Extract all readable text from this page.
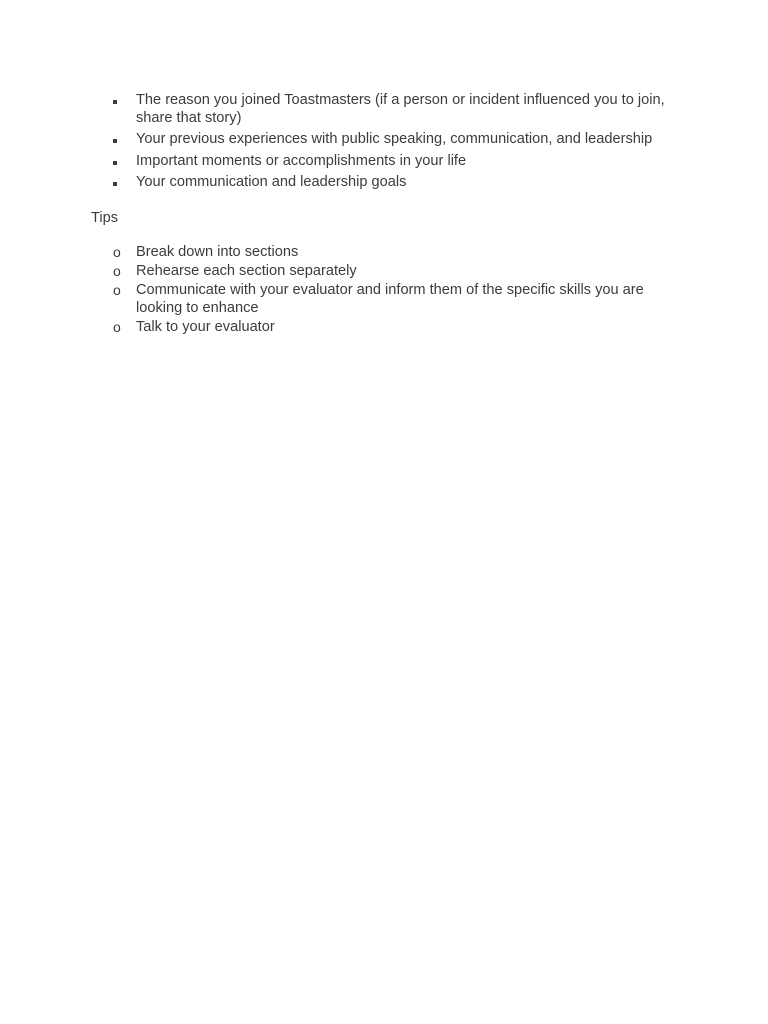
The reason you joined Toastmasters (if a person or incident influenced you to join, share that story)
Your previous experiences with public speaking, communication, and leadership
Important moments or accomplishments in your life
Your communication and leadership goals
Tips
o	Break down into sections
o	Rehearse each section separately
o	Communicate with your evaluator and inform them of the specific skills you are looking to enhance
o	Talk to your evaluator
